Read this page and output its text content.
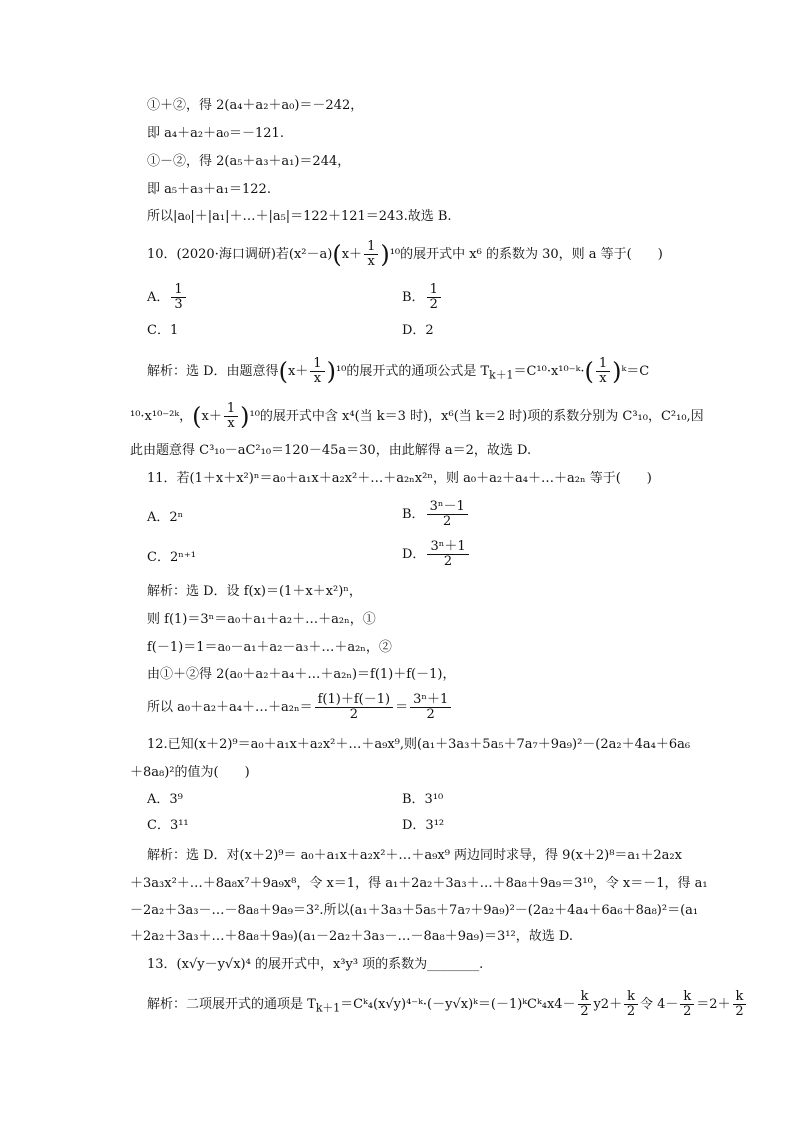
①＋②，得 2(a₄＋a₂＋a₀)＝－242，
即 a₄＋a₂＋a₀＝－121.
①－②，得 2(a₅＋a₃＋a₁)＝244，
即 a₅＋a₃＋a₁＝122.
所以|a₀|＋|a₁|＋…＋|a₅|＝122＋121＝243.故选 B.
10．(2020·海口调研)若$(x^2-a)(x+ \frac{1}{x} )^{10}$的展开式中 x⁶ 的系数为 30，则 a 等于(　　)
A． $\frac{1}{3}$	B． $\frac{1}{2}$
C．1	D．2
解析：选 D．由题意得$(x+ \frac{1}{x} )^{10}$的展开式的通项公式是 $T_{k+1}=C^{10}\cdot x^{10-}ᵏ\cdot( \frac{1}{x}$ )ᵏ＝C
¹⁰·x¹⁰⁻²ᵏ，$(x+ \frac{1}{x} )^{10}$的展开式中含 x⁴(当 k＝3 时)，x⁶(当 k＝2 时)项的系数分别为 C³₁₀，C²₁₀,因
此由题意得 C³₁₀－aC²₁₀＝120－45a＝30，由此解得 a＝2，故选 D.
11．若(1＋x＋x²)ⁿ＝a₀＋a₁x＋a₂x²＋…＋a₂ₙx²ⁿ，则 a₀＋a₂＋a₄＋…＋a₂ₙ 等于(　　)
A．2ⁿ	B． $\frac{\text{3ⁿ－1}}{2}$
C．2ⁿ⁺¹	D． $\frac{\text{3ⁿ＋1}}{2}$
解析：选 D．设 f(x)＝(1＋x＋x²)ⁿ，
则 f(1)＝3ⁿ＝a₀＋a₁＋a₂＋…＋a₂ₙ，①
f(－1)＝1＝a₀－a₁＋a₂－a₃＋…＋a₂ₙ，②
由①＋②得 2(a₀＋a₂＋a₄＋…＋a₂ₙ)＝f(1)＋f(－1)，
所以 a₀＋a₂＋a₄＋…＋a₂ₙ＝ $\frac{f(1)+f(-1)}{2} = \frac{\text{3ⁿ＋1}}{2}$
12.已知(x＋2)⁹＝a₀＋a₁x＋a₂x²＋…＋a₉x⁹,则(a₁＋3a₃＋5a₅＋7a₇＋9a₉)²－(2a₂＋4a₄＋6a₆
＋8a₈)²的值为(　　)
A．3⁹	B．3¹⁰
C．3¹¹	D．3¹²
解析：选 D．对(x＋2)⁹＝ a₀＋a₁x＋a₂x²＋…＋a₉x⁹ 两边同时求导，得 9(x＋2)⁸＝a₁＋2a₂x
＋3a₃x²＋…＋8a₈x⁷＋9a₉x⁸，令 x＝1，得 a₁＋2a₂＋3a₃＋…＋8a₈＋9a₉＝3¹⁰，令 x＝－1，得 a₁
－2a₂＋3a₃－…－8a₈＋9a₉＝3².所以(a₁＋3a₃＋5a₅＋7a₇＋9a₉)²－(2a₂＋4a₄＋6a₆＋8a₈)²＝(a₁
＋2a₂＋3a₃＋…＋8a₈＋9a₉)(a₁－2a₂＋3a₃－…－8a₈＋9a₉)＝3¹²，故选 D.
13．(x√y－y√x)⁴ 的展开式中，x³y³ 项的系数为________.
解析：二项展开式的通项是 $T_{k+1}=Cᵏ_4(x√y)^{4-}ᵏ\cdot(-y√x)ᵏ=(-1)ᵏCᵏ_4x4- \frac{k}{2} y2+ \frac{k}{2}$ 令 $4- \frac{k}{2} =2+ \frac{k}{2}$
